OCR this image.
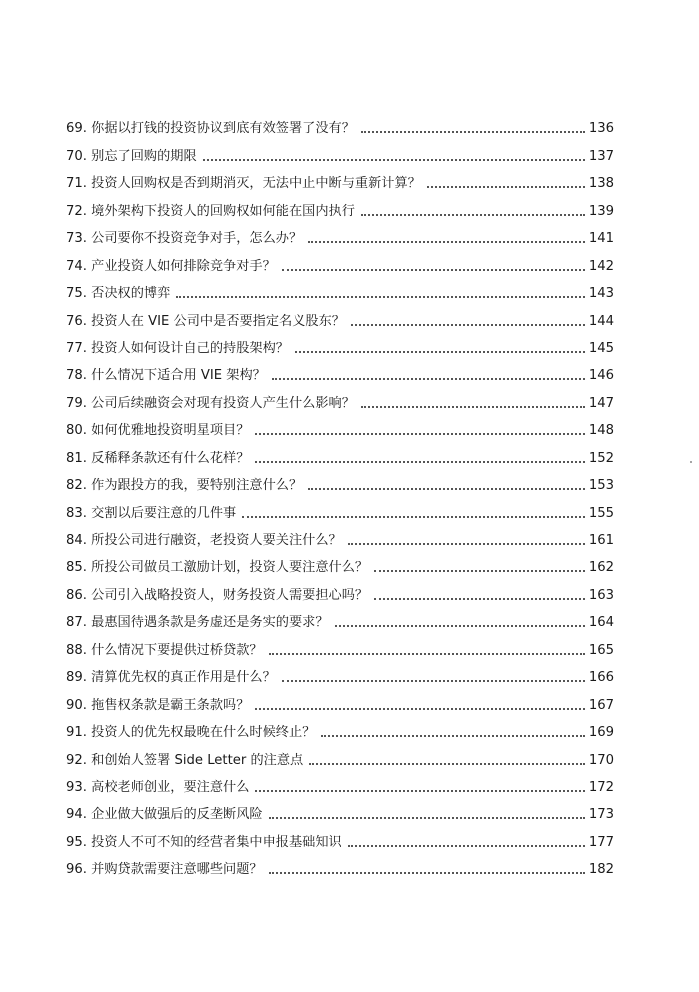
69. 你据以打钱的投资协议到底有效签署了没有？	136
70. 别忘了回购的期限	137
71. 投资人回购权是否到期消灭，无法中止中断与重新计算？	138
72. 境外架构下投资人的回购权如何能在国内执行	139
73. 公司要你不投资竞争对手，怎么办？	141
74. 产业投资人如何排除竞争对手？	142
75. 否决权的博弈	143
76. 投资人在 VIE 公司中是否要指定名义股东？	144
77. 投资人如何设计自己的持股架构？	145
78. 什么情况下适合用 VIE 架构？	146
79. 公司后续融资会对现有投资人产生什么影响？	147
80. 如何优雅地投资明星项目？	148
81. 反稀释条款还有什么花样？	152
82. 作为跟投方的我，要特别注意什么？	153
83. 交割以后要注意的几件事	155
84. 所投公司进行融资，老投资人要关注什么？	161
85. 所投公司做员工激励计划，投资人要注意什么？	162
86. 公司引入战略投资人，财务投资人需要担心吗？	163
87. 最惠国待遇条款是务虚还是务实的要求？	164
88. 什么情况下要提供过桥贷款？	165
89. 清算优先权的真正作用是什么？	166
90. 拖售权条款是霸王条款吗？	167
91. 投资人的优先权最晚在什么时候终止？	169
92. 和创始人签署 Side Letter 的注意点	170
93. 高校老师创业，要注意什么	172
94. 企业做大做强后的反垄断风险	173
95. 投资人不可不知的经营者集中申报基础知识	177
96. 并购贷款需要注意哪些问题？	182
